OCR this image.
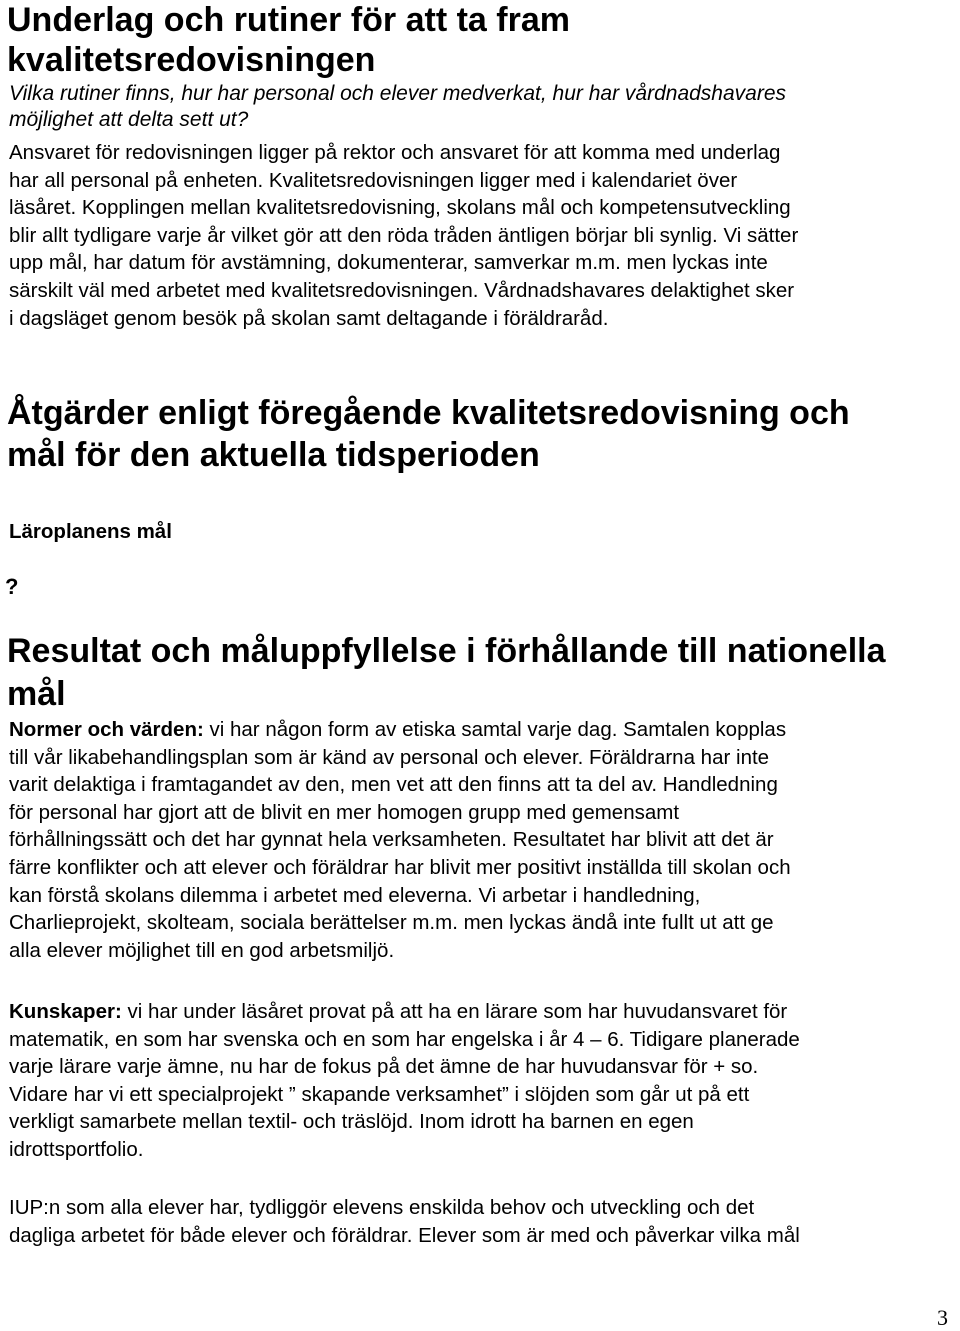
Underlag och rutiner för att ta fram
kvalitetsredovisningen

Vilka rutiner finns, hur har personal och elever medverkat, hur har vårdnadshavares
möjlighet att delta sett ut?

Ansvaret för redovisningen ligger på rektor och ansvaret för att komma med underlag
har all personal på enheten. Kvalitetsredovisningen ligger med i kalendariet över
läsåret. Kopplingen mellan kvalitetsredovisning, skolans mål och kompetensutveckling
blir allt tydligare varje år vilket gör att den röda tråden äntligen börjar bli synlig. Vi sätter
upp mål, har datum för avstämning, dokumenterar, samverkar m.m. men lyckas inte
särskilt väl med arbetet med kvalitetsredovisningen. Vårdnadshavares delaktighet sker
i dagsläget genom besök på skolan samt deltagande i föräldraråd.

Åtgärder enligt föregående kvalitetsredovisning och
mål för den aktuella tidsperioden

Läroplanens mål

?

Resultat och måluppfyllelse i förhållande till nationella
mål

Normer och värden: vi har någon form av etiska samtal varje dag. Samtalen kopplas
till vår likabehandlingsplan som är känd av personal och elever. Föräldrarna har inte
varit delaktiga i framtagandet av den, men vet att den finns att ta del av. Handledning
för personal har gjort att de blivit en mer homogen grupp med gemensamt
förhållningssätt och det har gynnat hela verksamheten. Resultatet har blivit att det är
färre konflikter och att elever och föräldrar har blivit mer positivt inställda till skolan och
kan förstå skolans dilemma i arbetet med eleverna. Vi arbetar i handledning,
Charlieprojekt, skolteam, sociala berättelser m.m. men lyckas ändå inte fullt ut att ge
alla elever möjlighet till en god arbetsmiljö.

Kunskaper: vi har under läsåret provat på att ha en lärare som har huvudansvaret för
matematik, en som har svenska och en som har engelska i år 4 – 6. Tidigare planerade
varje lärare varje ämne, nu har de fokus på det ämne de har huvudansvar för + so.
Vidare har vi ett specialprojekt ” skapande verksamhet” i slöjden som går ut på ett
verkligt samarbete mellan textil- och träslöjd. Inom idrott ha barnen en egen
idrottsportfolio.

IUP:n som alla elever har, tydliggör elevens enskilda behov och utveckling och det
dagliga arbetet för både elever och föräldrar. Elever som är med och påverkar vilka mål

3
